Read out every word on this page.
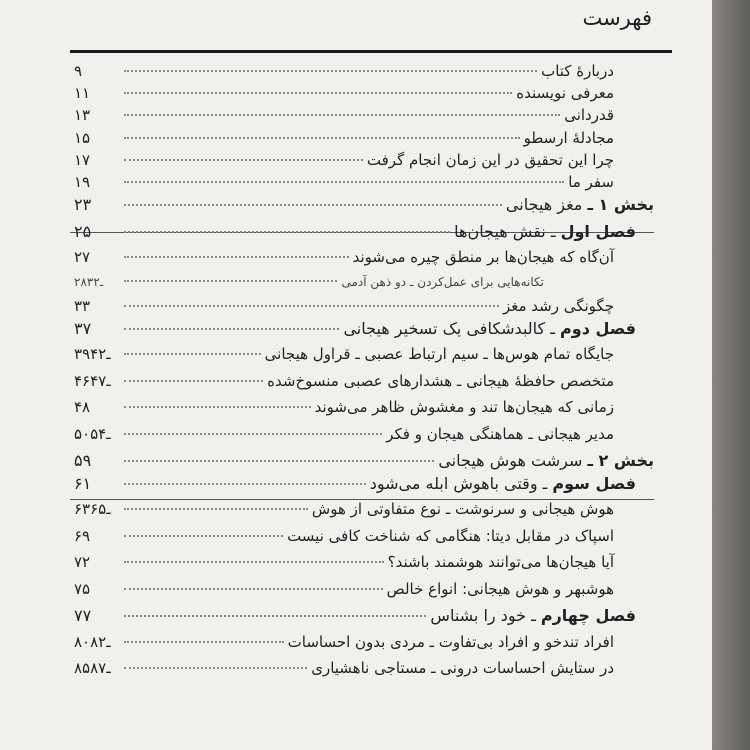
فهرست
دربارهٔ کتاب
۹
معرفی نویسنده
۱۱
قدردانی
۱۳
مجادلهٔ ارسطو
۱۵
چرا این تحقیق در این زمان انجام گرفت
۱۷
سفر ما
۱۹
بخش ۱ ـ مغز هیجانی
۲۳
فصل اول ـ نقش هیجان‌ها
۲۵
آن‌گاه که هیجان‌ها بر منطق چیره می‌شوند
۲۷
تکانه‌هایی برای عمل‌کردن ـ دو ذهن آدمی
۲۸ـ۳۲
چگونگی رشد مغز
۳۳
فصل دوم ـ کالبدشکافی یک تسخیر هیجانی
۳۷
جایگاه تمام هوس‌ها ـ سیم ارتباط عصبی ـ قراول هیجانی
۳۹ـ۴۲
متخصص حافظهٔ هیجانی ـ هشدارهای عصبی منسوخ‌شده
۴۶ـ۴۷
زمانی که هیجان‌ها تند و مغشوش ظاهر می‌شوند
۴۸
مدیر هیجانی ـ هماهنگی هیجان و فکر
۵۰ـ۵۴
بخش ۲ ـ سرشت هوش هیجانی
۵۹
فصل سوم ـ وقتی باهوش ابله می‌شود
۶۱
هوش هیجانی و سرنوشت ـ نوع متفاوتی از هوش
۶۳ـ۶۵
اسپاک در مقابل دیتا: هنگامی که شناخت کافی نیست
۶۹
آیا هیجان‌ها می‌توانند هوشمند باشند؟
۷۲
هوشبهر و هوش هیجانی: انواع خالص
۷۵
فصل چهارم ـ خود را بشناس
۷۷
افراد تندخو و افراد بی‌تفاوت ـ مردی بدون احساسات
۸۰ـ۸۲
در ستایش احساسات درونی ـ مستاجی ناهشیاری
۸۵ـ۸۷
